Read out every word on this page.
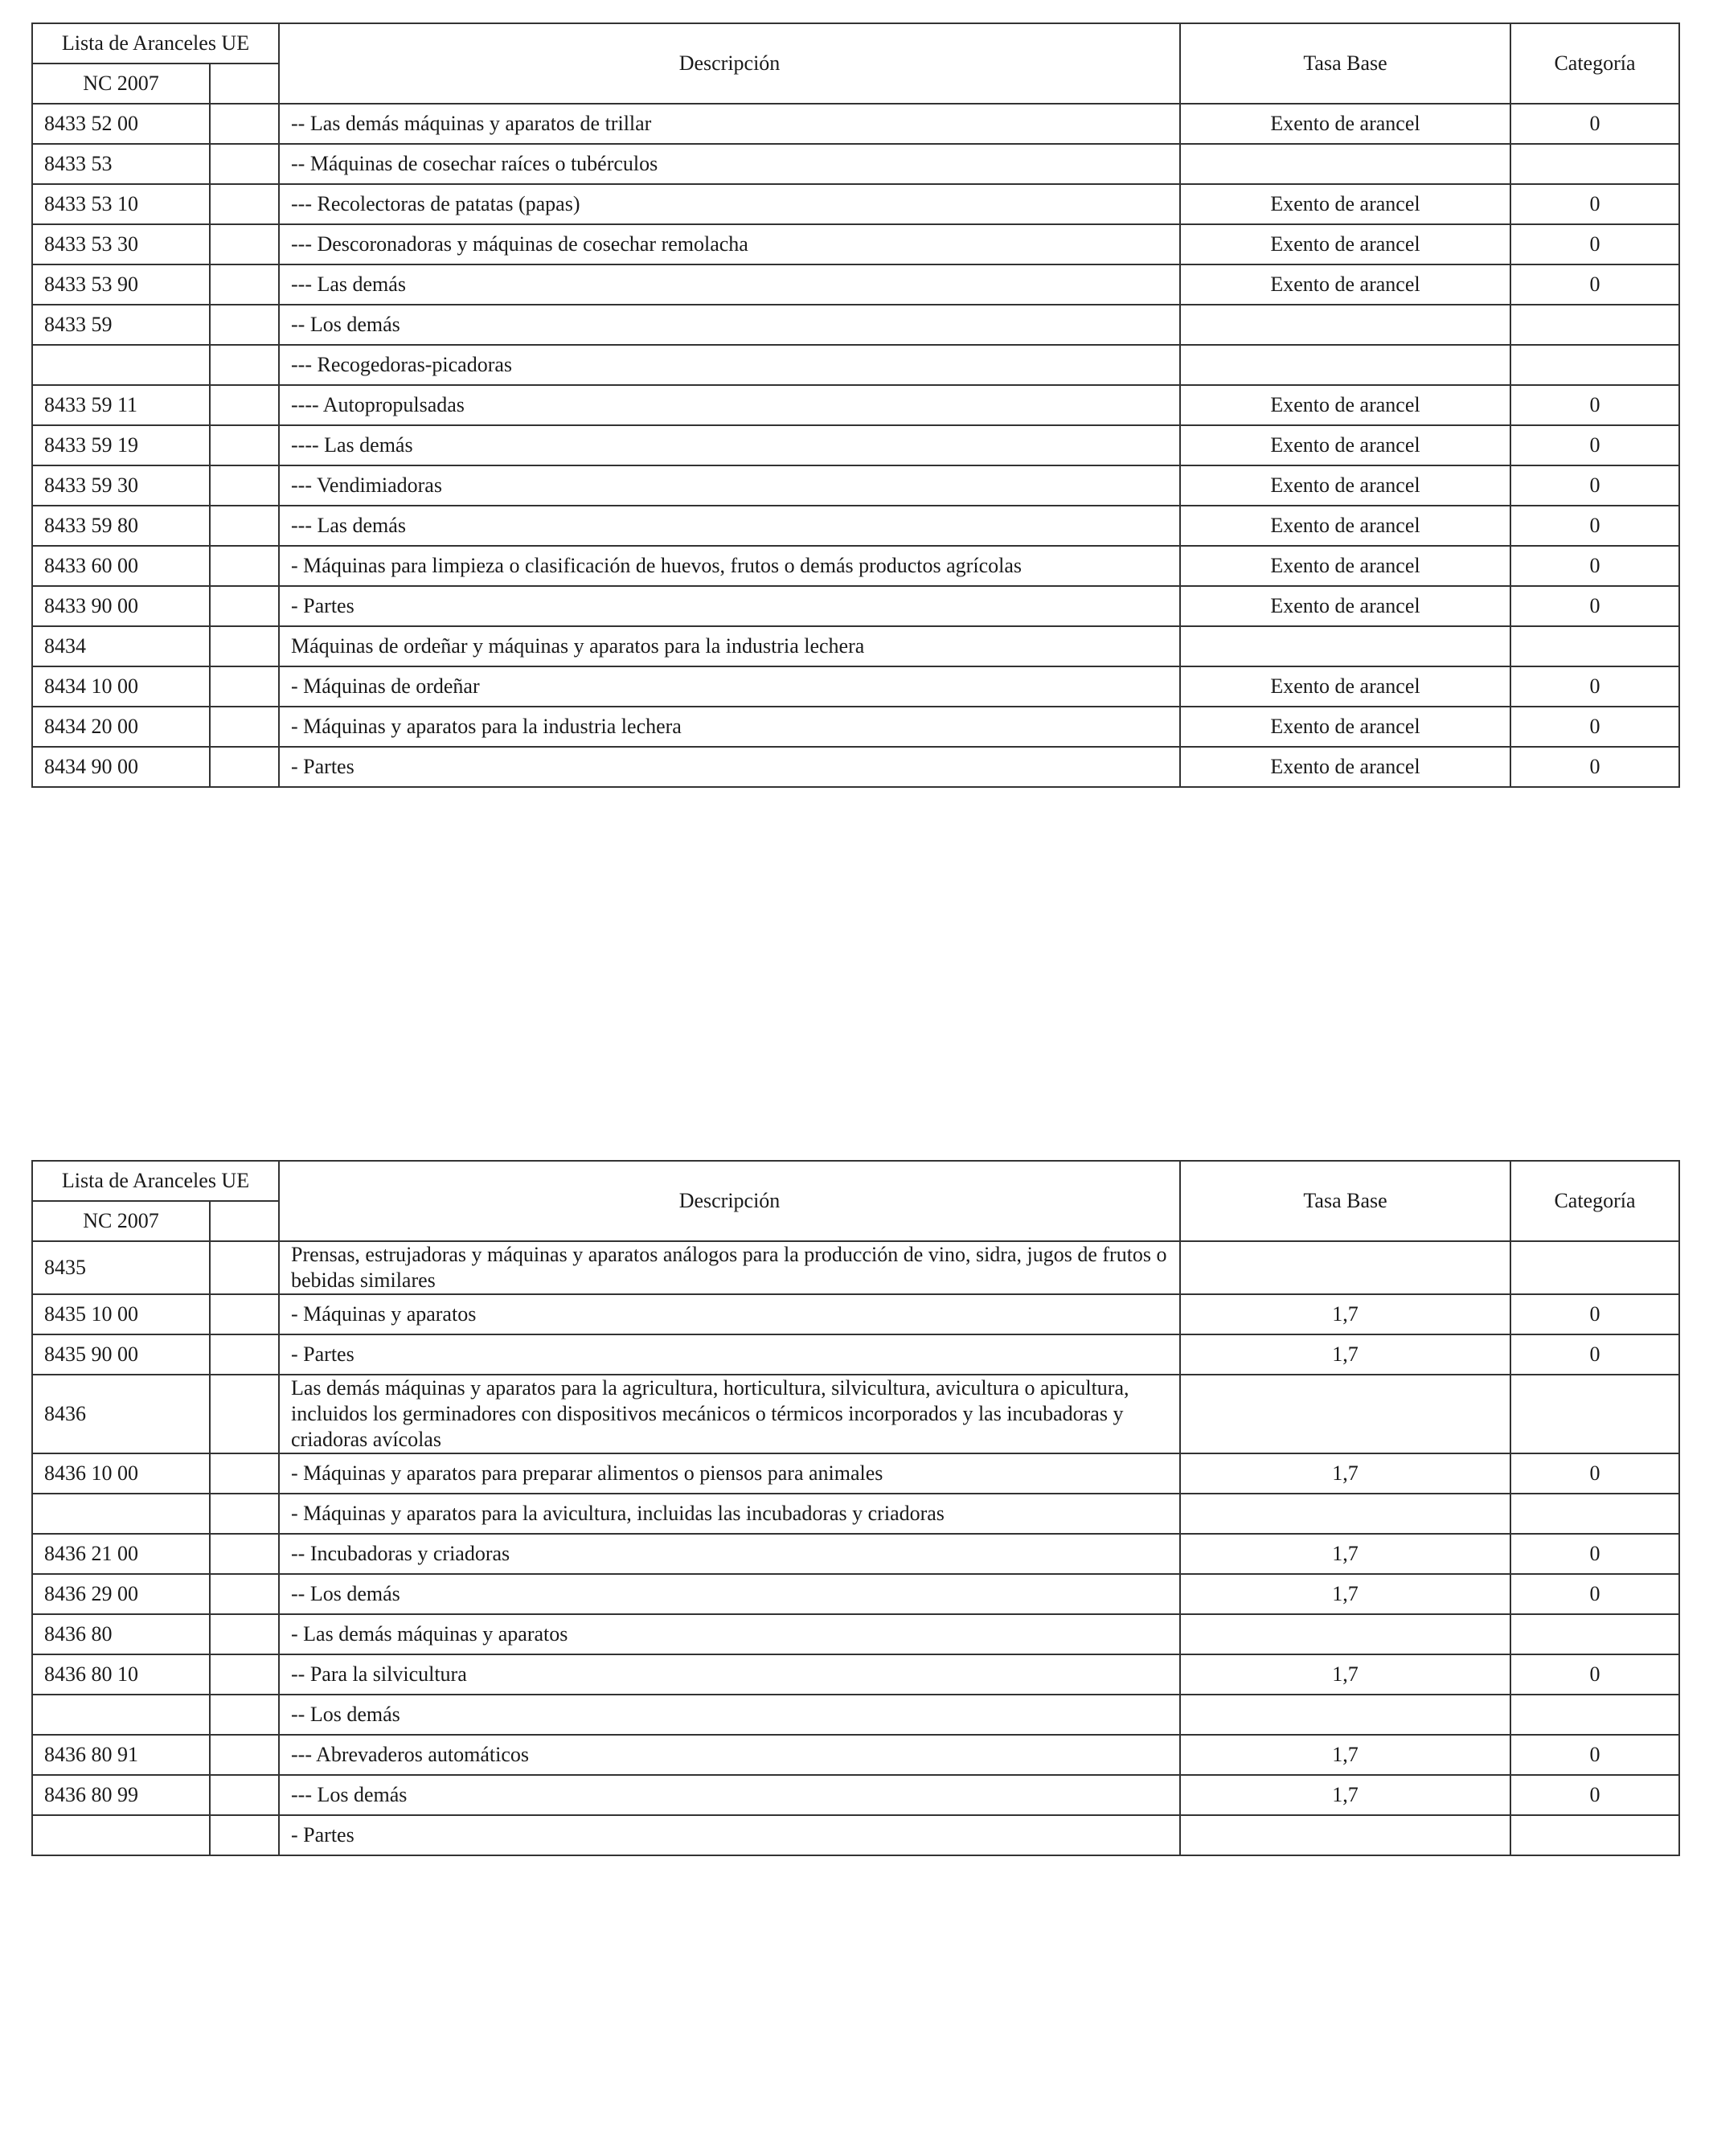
Lista de Aranceles UE		Descripción	Tasa Base	Categoría
NC 2007				
8433 52 00		-- Las demás máquinas y aparatos de trillar	Exento de arancel	0
8433 53		-- Máquinas de cosechar raíces o tubérculos		
8433 53 10		--- Recolectoras de patatas (papas)	Exento de arancel	0
8433 53 30		--- Descoronadoras y máquinas de cosechar remolacha	Exento de arancel	0
8433 53 90		--- Las demás	Exento de arancel	0
8433 59		-- Los demás		
		--- Recogedoras-picadoras		
8433 59 11		---- Autopropulsadas	Exento de arancel	0
8433 59 19		---- Las demás	Exento de arancel	0
8433 59 30		--- Vendimiadoras	Exento de arancel	0
8433 59 80		--- Las demás	Exento de arancel	0
8433 60 00		- Máquinas para limpieza o clasificación de huevos, frutos o demás productos agrícolas	Exento de arancel	0
8433 90 00		- Partes	Exento de arancel	0
8434		Máquinas de ordeñar y máquinas y aparatos para la industria lechera		
8434 10 00		- Máquinas de ordeñar	Exento de arancel	0
8434 20 00		- Máquinas y aparatos para la industria lechera	Exento de arancel	0
8434 90 00		- Partes	Exento de arancel	0
Lista de Aranceles UE		Descripción	Tasa Base	Categoría
NC 2007				
8435		Prensas, estrujadoras y máquinas y aparatos análogos para la producción de vino, sidra, jugos de frutos o bebidas similares		
8435 10 00		- Máquinas y aparatos	1,7	0
8435 90 00		- Partes	1,7	0
8436		Las demás máquinas y aparatos para la agricultura, horticultura, silvicultura, avicultura o apicultura, incluidos los germinadores con dispositivos mecánicos o térmicos incorporados y las incubadoras y criadoras avícolas		
8436 10 00		- Máquinas y aparatos para preparar alimentos o piensos para animales	1,7	0
		- Máquinas y aparatos para la avicultura, incluidas las incubadoras y criadoras		
8436 21 00		-- Incubadoras y criadoras	1,7	0
8436 29 00		-- Los demás	1,7	0
8436 80		- Las demás máquinas y aparatos		
8436 80 10		-- Para la silvicultura	1,7	0
		-- Los demás		
8436 80 91		--- Abrevaderos automáticos	1,7	0
8436 80 99		--- Los demás	1,7	0
		- Partes		
